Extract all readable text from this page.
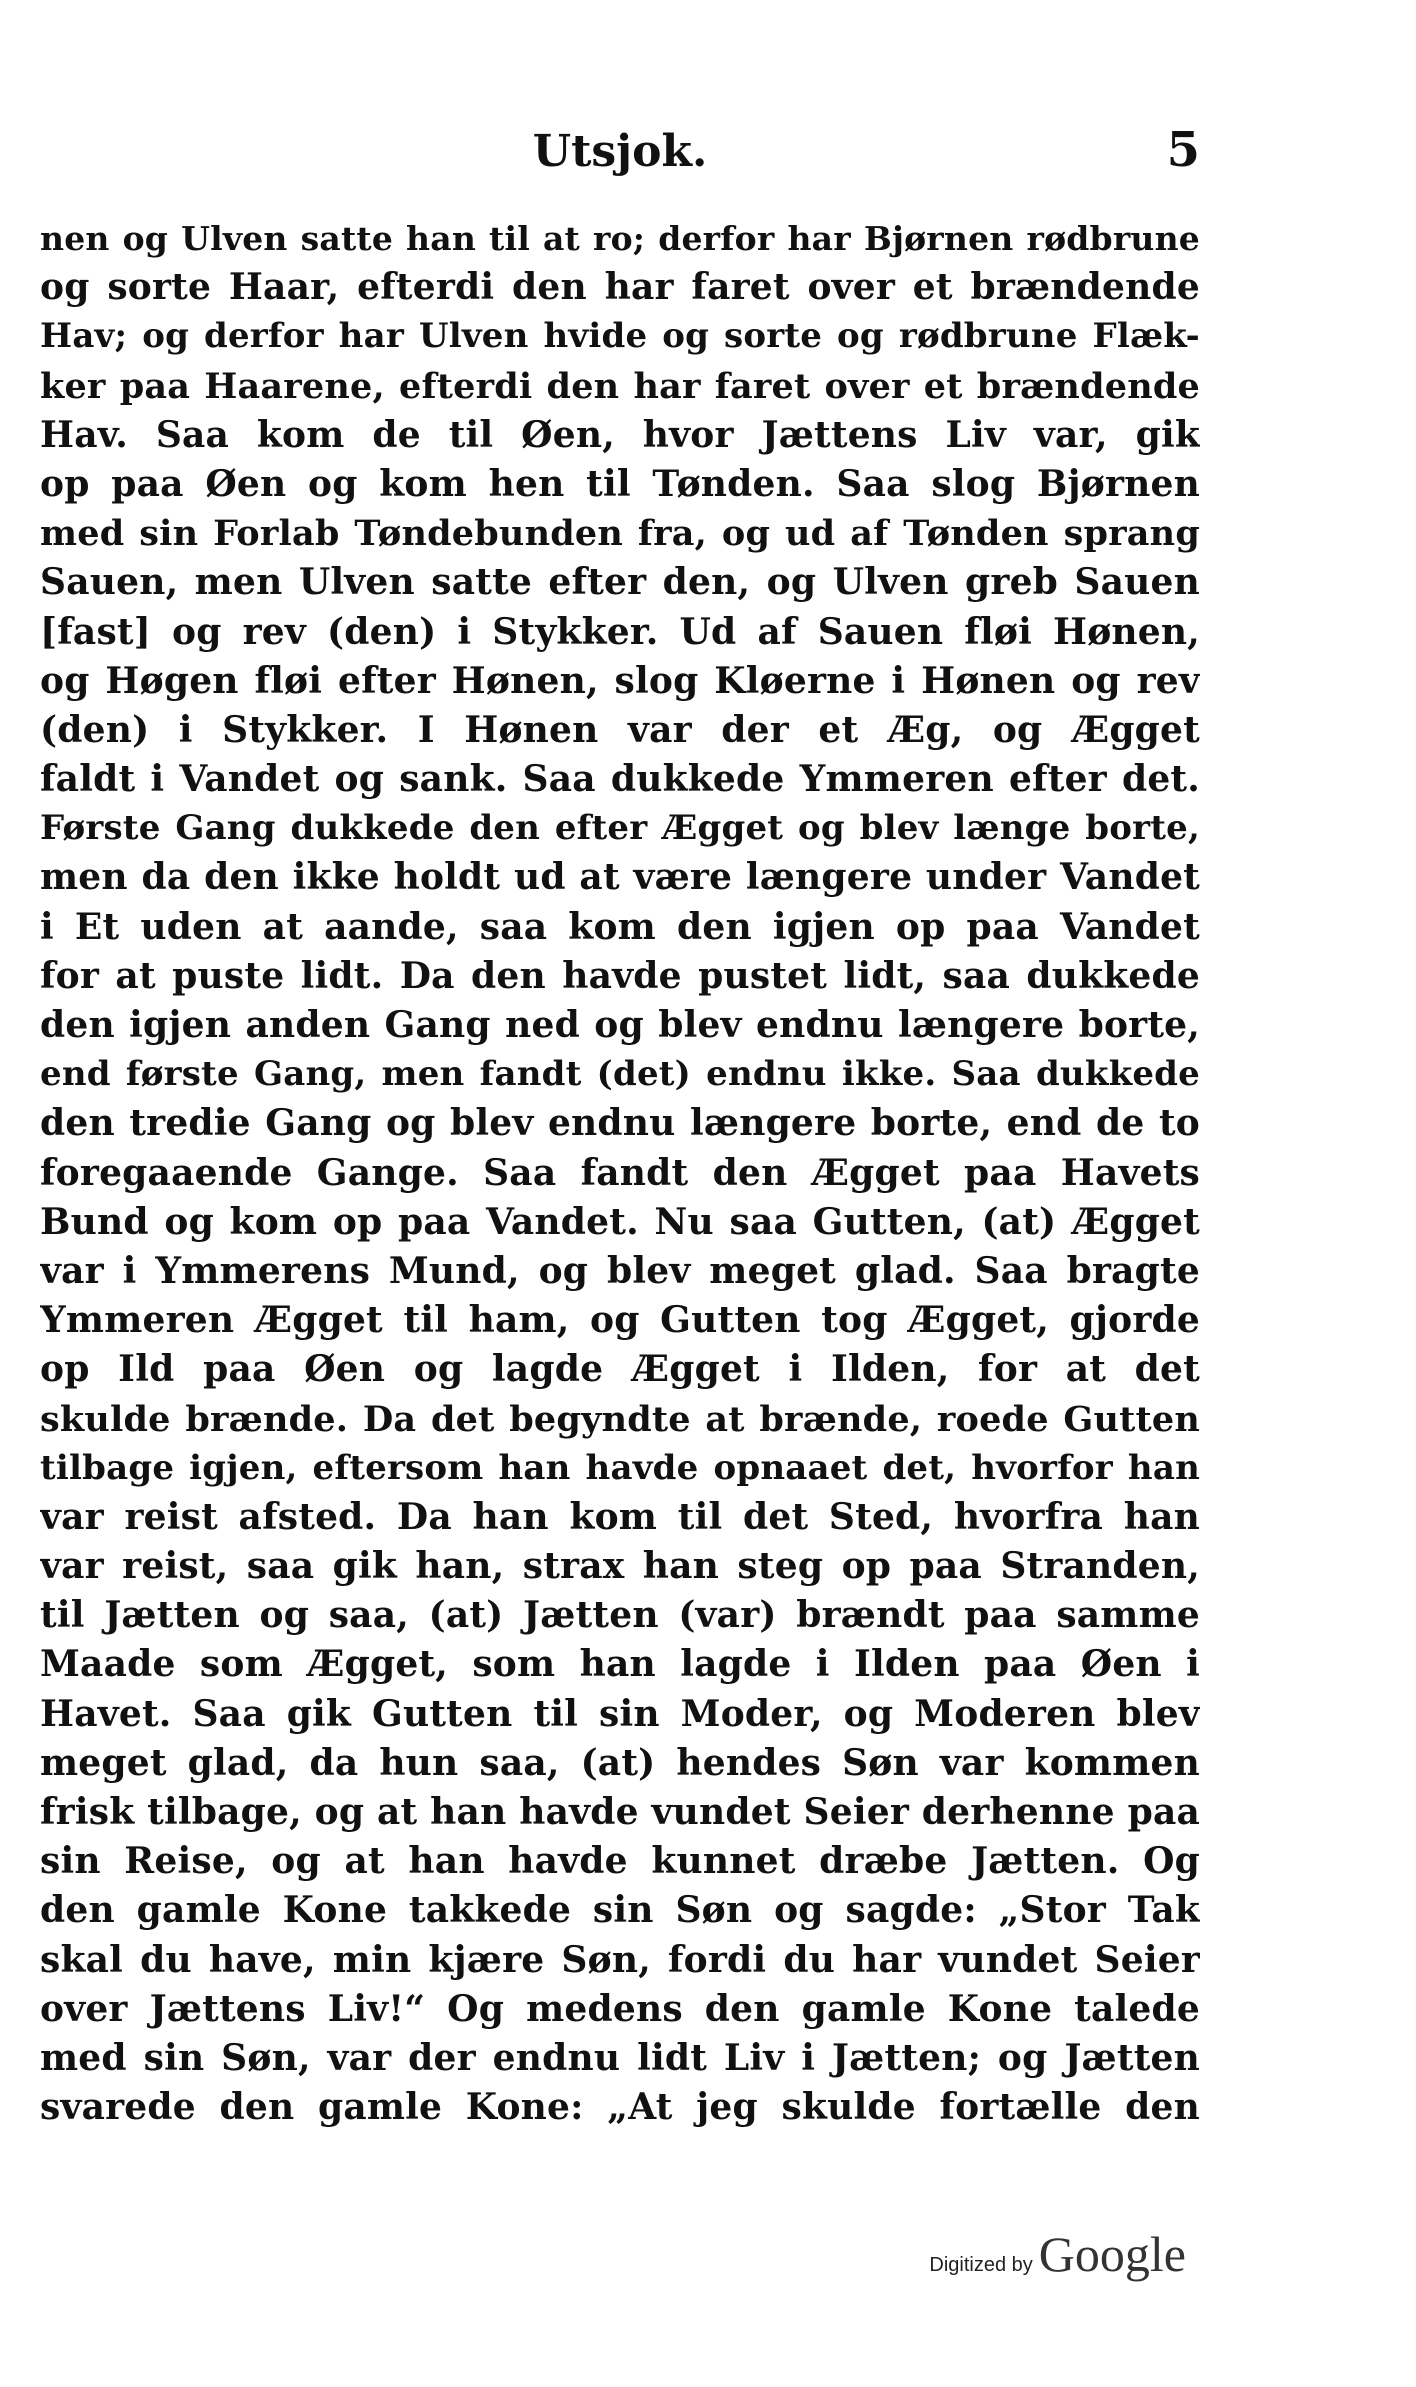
Utsjok.	5
nen og Ulven satte han til at ro; derfor har Bjørnen rødbrune
og sorte Haar, efterdi den har faret over et brændende
Hav; og derfor har Ulven hvide og sorte og rødbrune Flæk-
ker paa Haarene, efterdi den har faret over et brændende
Hav. Saa kom de til Øen, hvor Jættens Liv var, gik
op paa Øen og kom hen til Tønden. Saa slog Bjørnen
med sin Forlab Tøndebunden fra, og ud af Tønden sprang
Sauen, men Ulven satte efter den, og Ulven greb Sauen
[fast] og rev (den) i Stykker. Ud af Sauen fløi Hønen,
og Høgen fløi efter Hønen, slog Kløerne i Hønen og rev
(den) i Stykker. I Hønen var der et Æg, og Ægget
faldt i Vandet og sank. Saa dukkede Ymmeren efter det.
Første Gang dukkede den efter Ægget og blev længe borte,
men da den ikke holdt ud at være længere under Vandet
i Et uden at aande, saa kom den igjen op paa Vandet
for at puste lidt. Da den havde pustet lidt, saa dukkede
den igjen anden Gang ned og blev endnu længere borte,
end første Gang, men fandt (det) endnu ikke. Saa dukkede
den tredie Gang og blev endnu længere borte, end de to
foregaaende Gange. Saa fandt den Ægget paa Havets
Bund og kom op paa Vandet. Nu saa Gutten, (at) Ægget
var i Ymmerens Mund, og blev meget glad. Saa bragte
Ymmeren Ægget til ham, og Gutten tog Ægget, gjorde
op Ild paa Øen og lagde Ægget i Ilden, for at det
skulde brænde. Da det begyndte at brænde, roede Gutten
tilbage igjen, eftersom han havde opnaaet det, hvorfor han
var reist afsted. Da han kom til det Sted, hvorfra han
var reist, saa gik han, strax han steg op paa Stranden,
til Jætten og saa, (at) Jætten (var) brændt paa samme
Maade som Ægget, som han lagde i Ilden paa Øen i
Havet. Saa gik Gutten til sin Moder, og Moderen blev
meget glad, da hun saa, (at) hendes Søn var kommen
frisk tilbage, og at han havde vundet Seier derhenne paa
sin Reise, og at han havde kunnet dræbe Jætten. Og
den gamle Kone takkede sin Søn og sagde: „Stor Tak
skal du have, min kjære Søn, fordi du har vundet Seier
over Jættens Liv!“ Og medens den gamle Kone talede
med sin Søn, var der endnu lidt Liv i Jætten; og Jætten
svarede den gamle Kone: „At jeg skulde fortælle den
Digitized by Google
